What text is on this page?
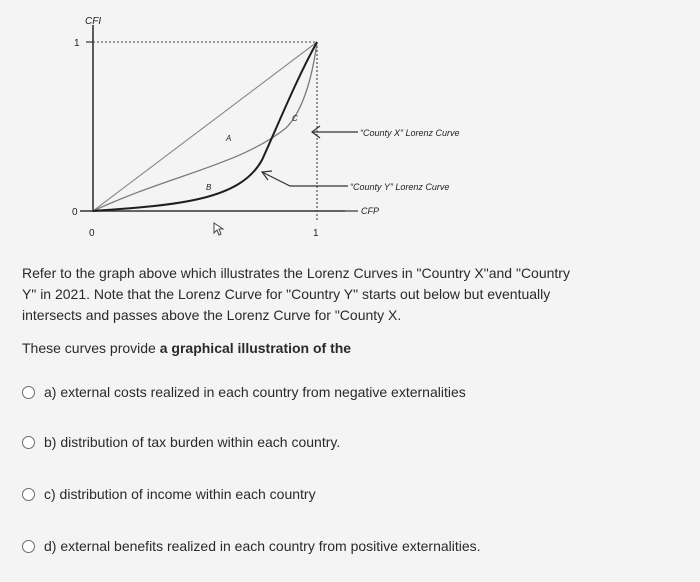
CFI
1
0
0	1
A
B
C
“County X” Lorenz Curve
“County Y” Lorenz Curve
CFP

Refer to the graph above which illustrates the Lorenz Curves in "Country X"and "Country Y" in 2021. Note that the Lorenz Curve for "Country Y" starts out below but eventually intersects and passes above the Lorenz Curve for "County X.

These curves provide a graphical illustration of the
a) external costs realized in each country from negative externalities
b) distribution of tax burden within each country.
c) distribution of income within each country
d) external benefits realized in each country from positive externalities.
